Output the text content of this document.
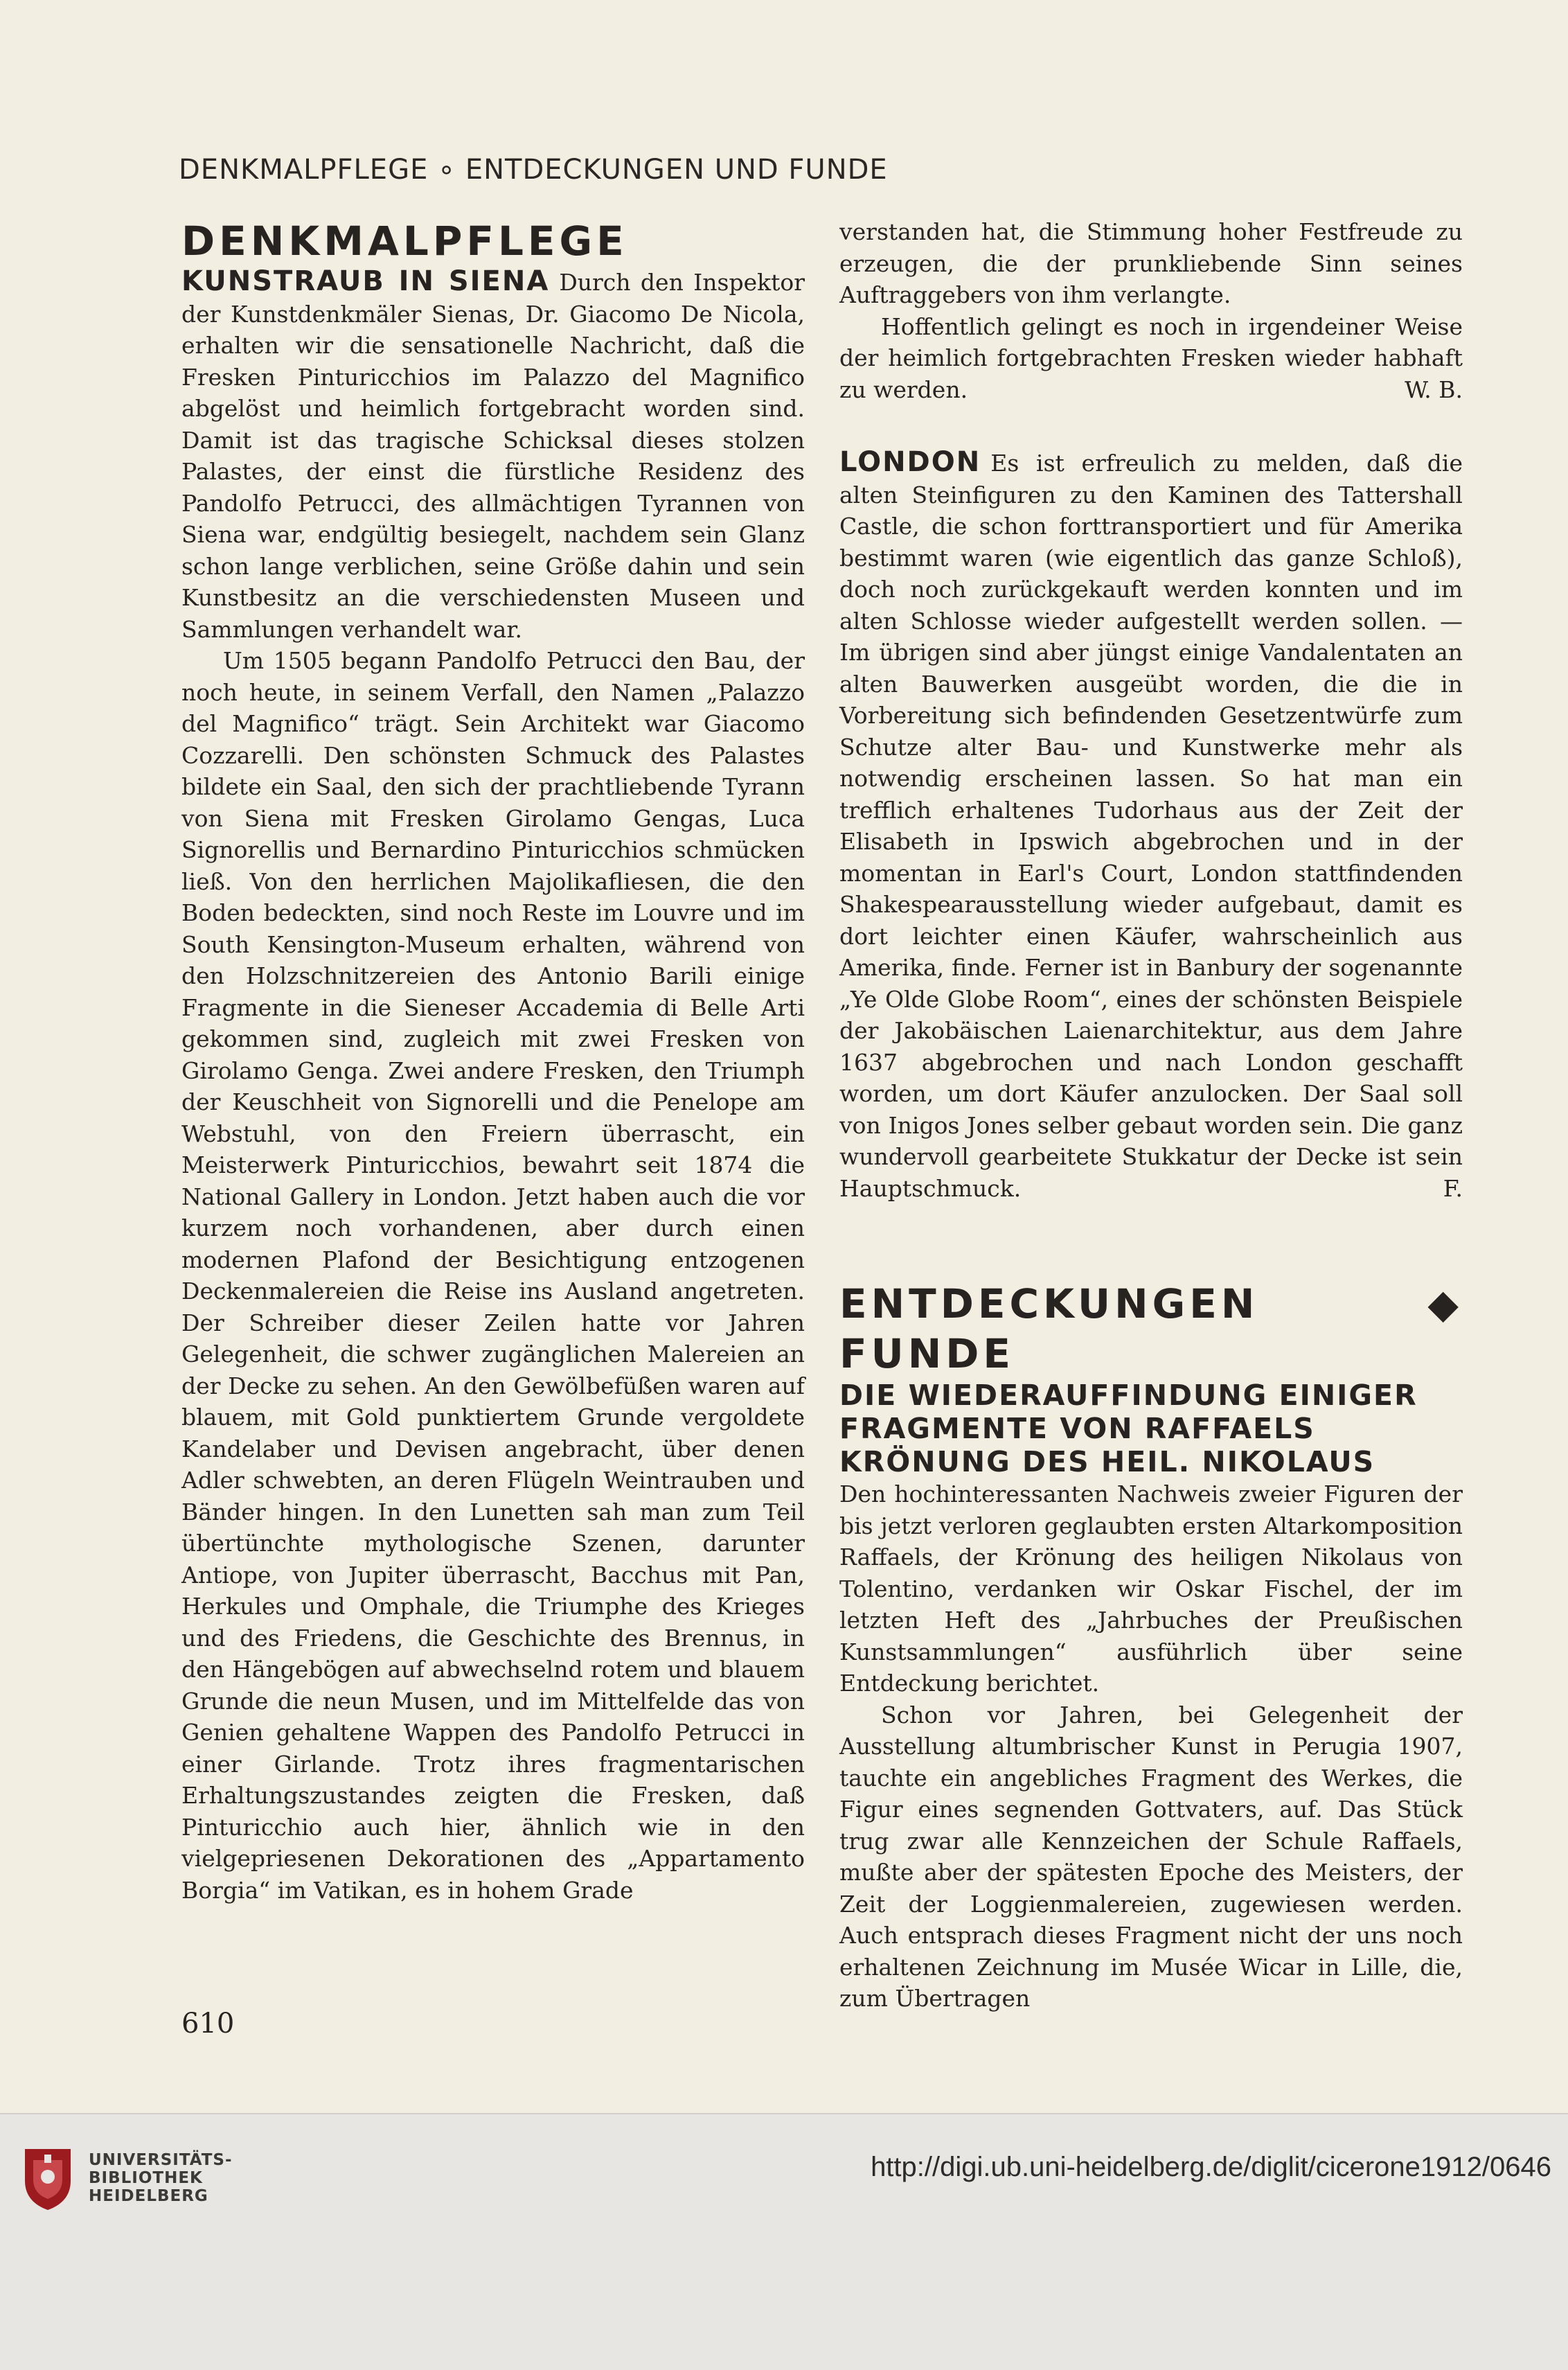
DENKMALPFLEGE ∘ ENTDECKUNGEN UND FUNDE
DENKMALPFLEGE

KUNSTRAUB IN SIENA Durch den Inspektor der Kunstdenkmäler Sienas, Dr. Giacomo De Nicola, erhalten wir die sensationelle Nachricht, daß die Fresken Pinturicchios im Palazzo del Magnifico abgelöst und heimlich fortgebracht worden sind. Damit ist das tragische Schicksal dieses stolzen Palastes, der einst die fürstliche Residenz des Pandolfo Petrucci, des allmächtigen Tyrannen von Siena war, endgültig besiegelt, nachdem sein Glanz schon lange verblichen, seine Größe dahin und sein Kunstbesitz an die verschiedensten Museen und Sammlungen verhandelt war.

Um 1505 begann Pandolfo Petrucci den Bau, der noch heute, in seinem Verfall, den Namen „Palazzo del Magnifico“ trägt. Sein Architekt war Giacomo Cozzarelli. Den schönsten Schmuck des Palastes bildete ein Saal, den sich der prachtliebende Tyrann von Siena mit Fresken Girolamo Gengas, Luca Signorellis und Bernardino Pinturicchios schmücken ließ. Von den herrlichen Majolikafliesen, die den Boden bedeckten, sind noch Reste im Louvre und im South Kensington-Museum erhalten, während von den Holzschnitzereien des Antonio Barili einige Fragmente in die Sieneser Accademia di Belle Arti gekommen sind, zugleich mit zwei Fresken von Girolamo Genga. Zwei andere Fresken, den Triumph der Keuschheit von Signorelli und die Penelope am Webstuhl, von den Freiern überrascht, ein Meisterwerk Pinturicchios, bewahrt seit 1874 die National Gallery in London. Jetzt haben auch die vor kurzem noch vorhandenen, aber durch einen modernen Plafond der Besichtigung entzogenen Deckenmalereien die Reise ins Ausland angetreten. Der Schreiber dieser Zeilen hatte vor Jahren Gelegenheit, die schwer zugänglichen Malereien an der Decke zu sehen. An den Gewölbefüßen waren auf blauem, mit Gold punktiertem Grunde vergoldete Kandelaber und Devisen angebracht, über denen Adler schwebten, an deren Flügeln Weintrauben und Bänder hingen. In den Lunetten sah man zum Teil übertünchte mythologische Szenen, darunter Antiope, von Jupiter überrascht, Bacchus mit Pan, Herkules und Omphale, die Triumphe des Krieges und des Friedens, die Geschichte des Brennus, in den Hängebögen auf abwechselnd rotem und blauem Grunde die neun Musen, und im Mittelfelde das von Genien gehaltene Wappen des Pandolfo Petrucci in einer Girlande. Trotz ihres fragmentarischen Erhaltungszustandes zeigten die Fresken, daß Pinturicchio auch hier, ähnlich wie in den vielgepriesenen Dekorationen des „Appartamento Borgia“ im Vatikan, es in hohem Grade

verstanden hat, die Stimmung hoher Festfreude zu erzeugen, die der prunkliebende Sinn seines Auftraggebers von ihm verlangte.

Hoffentlich gelingt es noch in irgendeiner Weise der heimlich fortgebrachten Fresken wieder habhaft zu werden.	W. B.

LONDON Es ist erfreulich zu melden, daß die alten Steinfiguren zu den Kaminen des Tattershall Castle, die schon forttransportiert und für Amerika bestimmt waren (wie eigentlich das ganze Schloß), doch noch zurückgekauft werden konnten und im alten Schlosse wieder aufgestellt werden sollen. — Im übrigen sind aber jüngst einige Vandalentaten an alten Bauwerken ausgeübt worden, die die in Vorbereitung sich befindenden Gesetzentwürfe zum Schutze alter Bau- und Kunstwerke mehr als notwendig erscheinen lassen. So hat man ein trefflich erhaltenes Tudorhaus aus der Zeit der Elisabeth in Ipswich abgebrochen und in der momentan in Earl's Court, London stattfindenden Shakespearausstellung wieder aufgebaut, damit es dort leichter einen Käufer, wahrscheinlich aus Amerika, finde. Ferner ist in Banbury der sogenannte „Ye Olde Globe Room“, eines der schönsten Beispiele der Jakobäischen Laienarchitektur, aus dem Jahre 1637 abgebrochen und nach London geschafft worden, um dort Käufer anzulocken. Der Saal soll von Inigos Jones selber gebaut worden sein. Die ganz wundervoll gearbeitete Stukkatur der Decke ist sein Hauptschmuck.	F.

ENTDECKUNGEN ◆ FUNDE
DIE WIEDERAUFFINDUNG EINIGER FRAGMENTE VON RAFFAELS KRÖNUNG DES HEIL. NIKOLAUS

Den hochinteressanten Nachweis zweier Figuren der bis jetzt verloren geglaubten ersten Altarkomposition Raffaels, der Krönung des heiligen Nikolaus von Tolentino, verdanken wir Oskar Fischel, der im letzten Heft des „Jahrbuches der Preußischen Kunstsammlungen“ ausführlich über seine Entdeckung berichtet.

Schon vor Jahren, bei Gelegenheit der Ausstellung altumbrischer Kunst in Perugia 1907, tauchte ein angebliches Fragment des Werkes, die Figur eines segnenden Gottvaters, auf. Das Stück trug zwar alle Kennzeichen der Schule Raffaels, mußte aber der spätesten Epoche des Meisters, der Zeit der Loggienmalereien, zugewiesen werden. Auch entsprach dieses Fragment nicht der uns noch erhaltenen Zeichnung im Musée Wicar in Lille, die, zum Übertragen

610
UNIVERSITÄTS-
BIBLIOTHEK
HEIDELBERG
http://digi.ub.uni-heidelberg.de/diglit/cicerone1912/0646
